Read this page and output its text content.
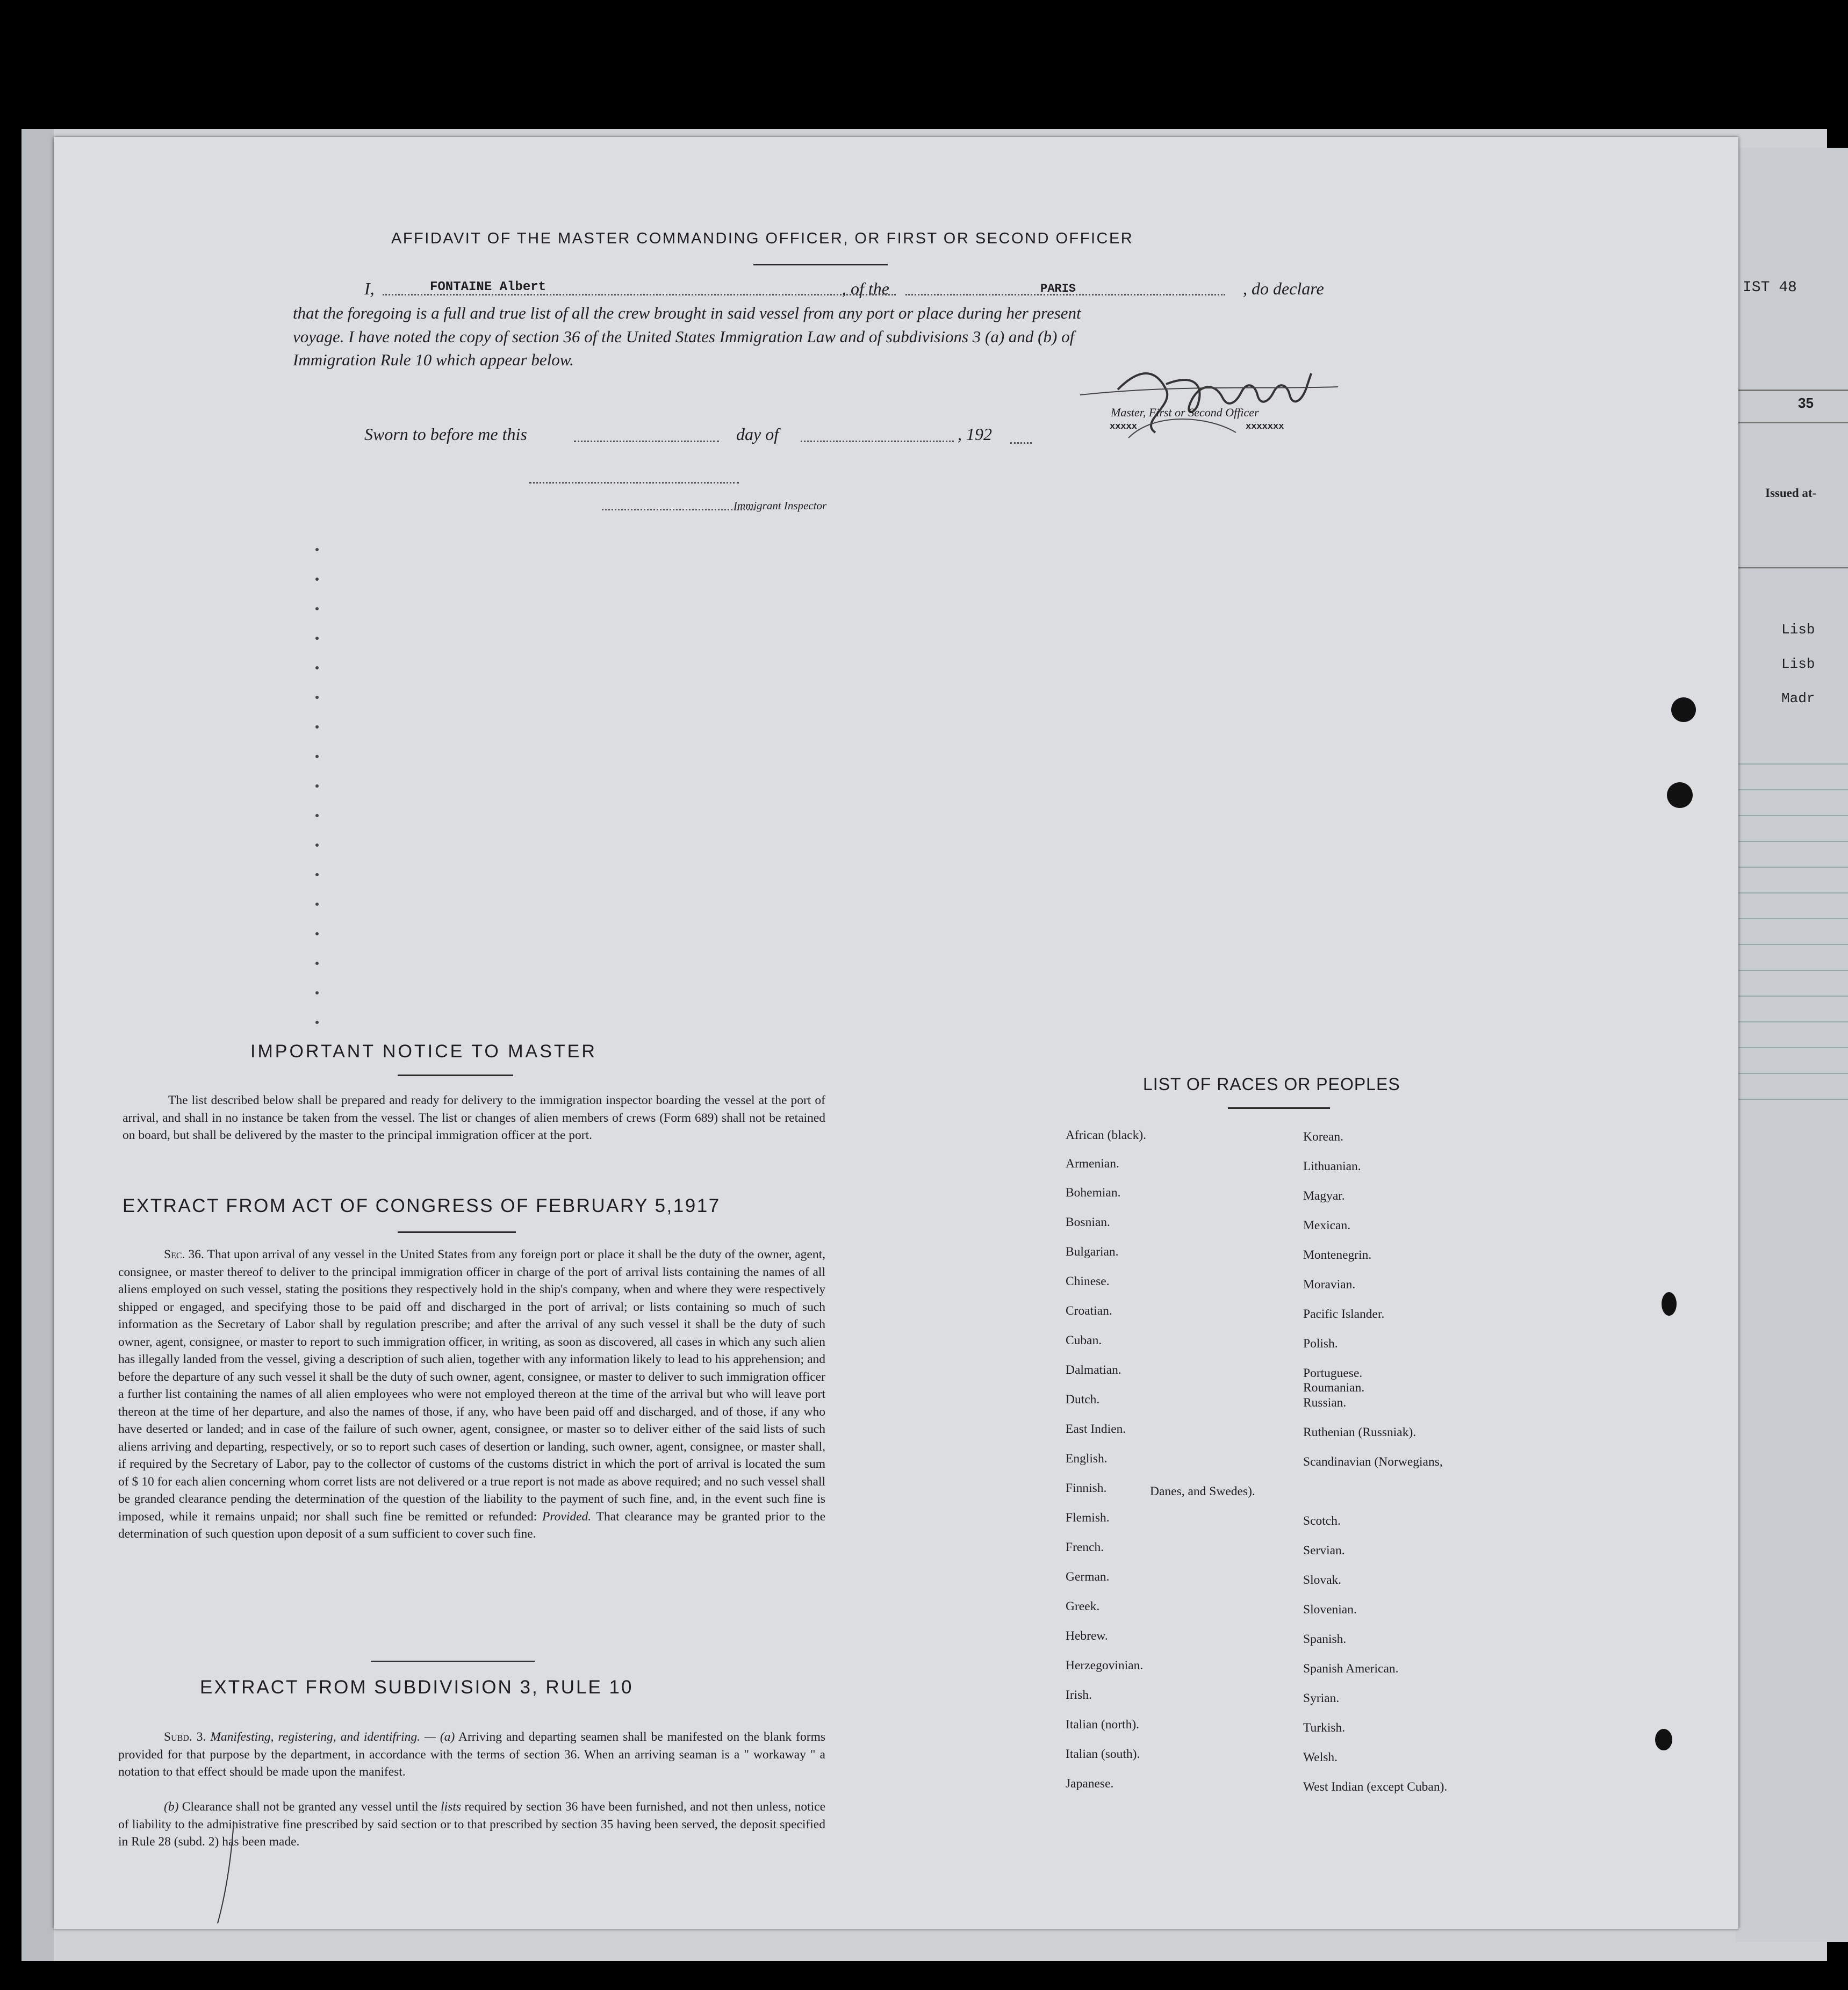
IST 48
35
Issued at-
Lisb
Lisb
Madr
AFFIDAVIT OF THE MASTER COMMANDING OFFICER, OR FIRST OR SECOND OFFICER
I,	FONTAINE Albert	, of the	PARIS	, do declare
that the foregoing is a full and true list of all the crew brought in said vessel from any port or place during her present
voyage. I have noted the copy of section 36 of the United States Immigration Law and of subdivisions 3 (a) and (b) of
Immigration Rule 10 which appear below.
Master, First or Second Officer
xxxxx	xxxxxxx
Sworn to before me this	day of	, 192
Immigrant Inspector
IMPORTANT NOTICE TO MASTER

The list described below shall be prepared and ready for delivery to the immigration inspector boarding the vessel at the port of arrival, and shall in no instance be taken from the vessel. The list or changes of alien members of crews (Form 689) shall not be retained on board, but shall be delivered by the master to the principal immigration officer at the port.

EXTRACT FROM ACT OF CONGRESS OF FEBRUARY 5,1917

Sec. 36. That upon arrival of any vessel in the United States from any foreign port or place it shall be the duty of the owner, agent, consignee, or master thereof to deliver to the principal immigration officer in charge of the port of arrival lists containing the names of all aliens employed on such vessel, stating the positions they respectively hold in the ship's company, when and where they were respectively shipped or engaged, and specifying those to be paid off and discharged in the port of arrival; or lists containing so much of such information as the Secretary of Labor shall by regulation prescribe; and after the arrival of any such vessel it shall be the duty of such owner, agent, consignee, or master to report to such immigration officer, in writing, as soon as discovered, all cases in which any such alien has illegally landed from the vessel, giving a description of such alien, together with any information likely to lead to his apprehension; and before the departure of any such vessel it shall be the duty of such owner, agent, consignee, or master to deliver to such immigration officer a further list containing the names of all alien employees who were not employed thereon at the time of the arrival but who will leave port thereon at the time of her departure, and also the names of those, if any, who have been paid off and discharged, and of those, if any who have deserted or landed; and in case of the failure of such owner, agent, consignee, or master so to deliver either of the said lists of such aliens arriving and departing, respectively, or so to report such cases of desertion or landing, such owner, agent, consignee, or master shall, if required by the Secretary of Labor, pay to the collector of customs of the customs district in which the port of arrival is located the sum of $ 10 for each alien concerning whom corret lists are not delivered or a true report is not made as above required; and no such vessel shall be granded clearance pending the determination of the question of the liability to the payment of such fine, and, in the event such fine is imposed, while it remains unpaid; nor shall such fine be remitted or refunded: Provided. That clearance may be granted prior to the determination of such question upon deposit of a sum sufficient to cover such fine.

EXTRACT FROM SUBDIVISION 3, RULE 10

Subd. 3. Manifesting, registering, and identifring. — (a) Arriving and departing seamen shall be manifested on the blank forms provided for that purpose by the department, in accordance with the terms of section 36. When an arriving seaman is a " workaway " a notation to that effect should be made upon the manifest.

(b) Clearance shall not be granted any vessel until the lists required by section 36 have been furnished, and not then unless, notice of liability to the administrative fine prescribed by said section or to that prescribed by section 35 having been served, the deposit specified in Rule 28 (subd. 2) has been made.

LIST OF RACES OR PEOPLES
African (black).
Armenian.
Bohemian.
Bosnian.
Bulgarian.
Chinese.
Croatian.
Cuban.
Dalmatian.
Dutch.
East Indien.
English.
Finnish.
Flemish.
French.
German.
Greek.
Hebrew.
Herzegovinian.
Irish.
Italian (north).
Italian (south).
Japanese.
Korean.
Lithuanian.
Magyar.
Mexican.
Montenegrin.
Moravian.
Pacific Islander.
Polish.
Portuguese.
Roumanian.
Russian.
Ruthenian (Russniak).
Scandinavian (Norwegians,
Danes, and Swedes).
Scotch.
Servian.
Slovak.
Slovenian.
Spanish.
Spanish American.
Syrian.
Turkish.
Welsh.
West Indian (except Cuban).
